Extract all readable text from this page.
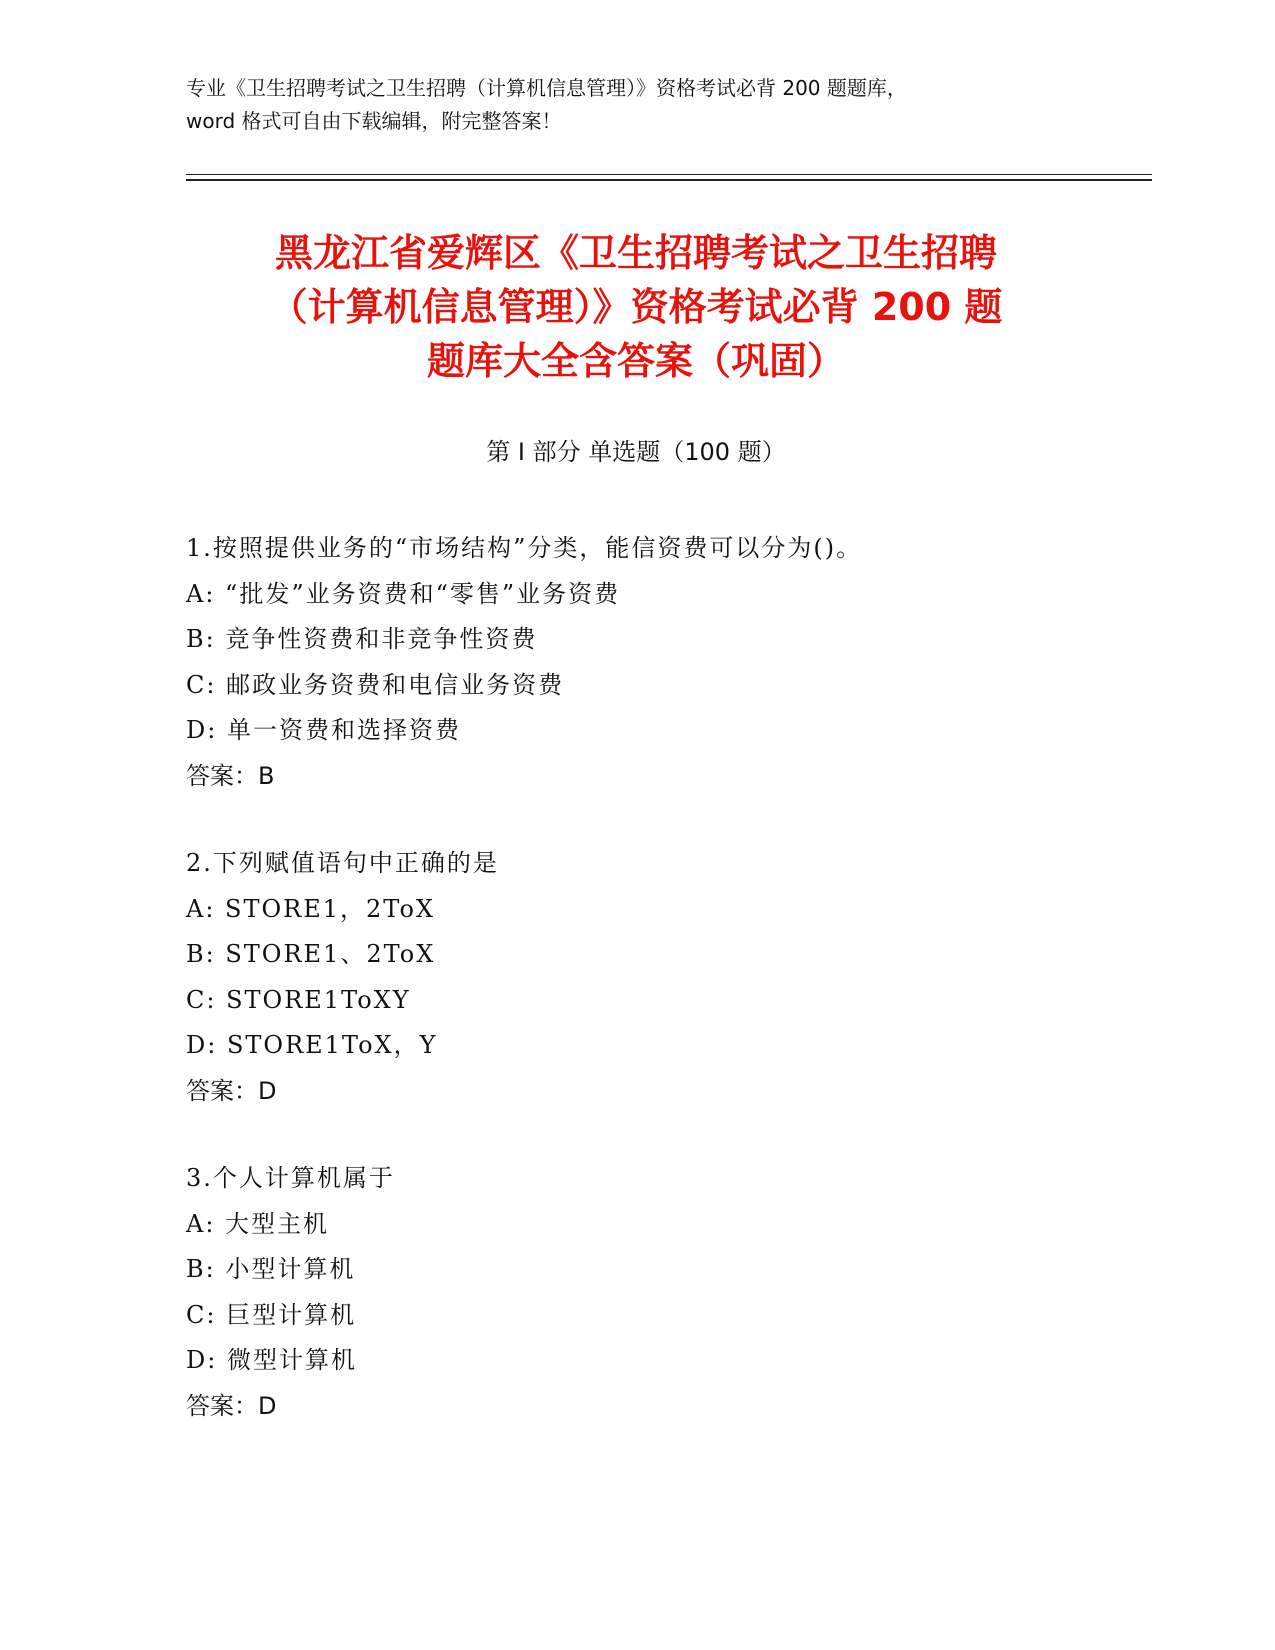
专业《卫生招聘考试之卫生招聘（计算机信息管理）》资格考试必背 200 题题库，
word 格式可自由下载编辑，附完整答案！
黑龙江省爱辉区《卫生招聘考试之卫生招聘
（计算机信息管理）》资格考试必背 200 题
题库大全含答案（巩固）
第 I 部分 单选题（100 题）
1.按照提供业务的“市场结构”分类，能信资费可以分为()。
A: “批发”业务资费和“零售”业务资费
B: 竞争性资费和非竞争性资费
C: 邮政业务资费和电信业务资费
D: 单一资费和选择资费
答案：B
2.下列赋值语句中正确的是
A: STORE1，2ToX
B: STORE1、2ToX
C: STORE1ToXY
D: STORE1ToX，Y
答案：D
3.个人计算机属于
A: 大型主机
B: 小型计算机
C: 巨型计算机
D: 微型计算机
答案：D
